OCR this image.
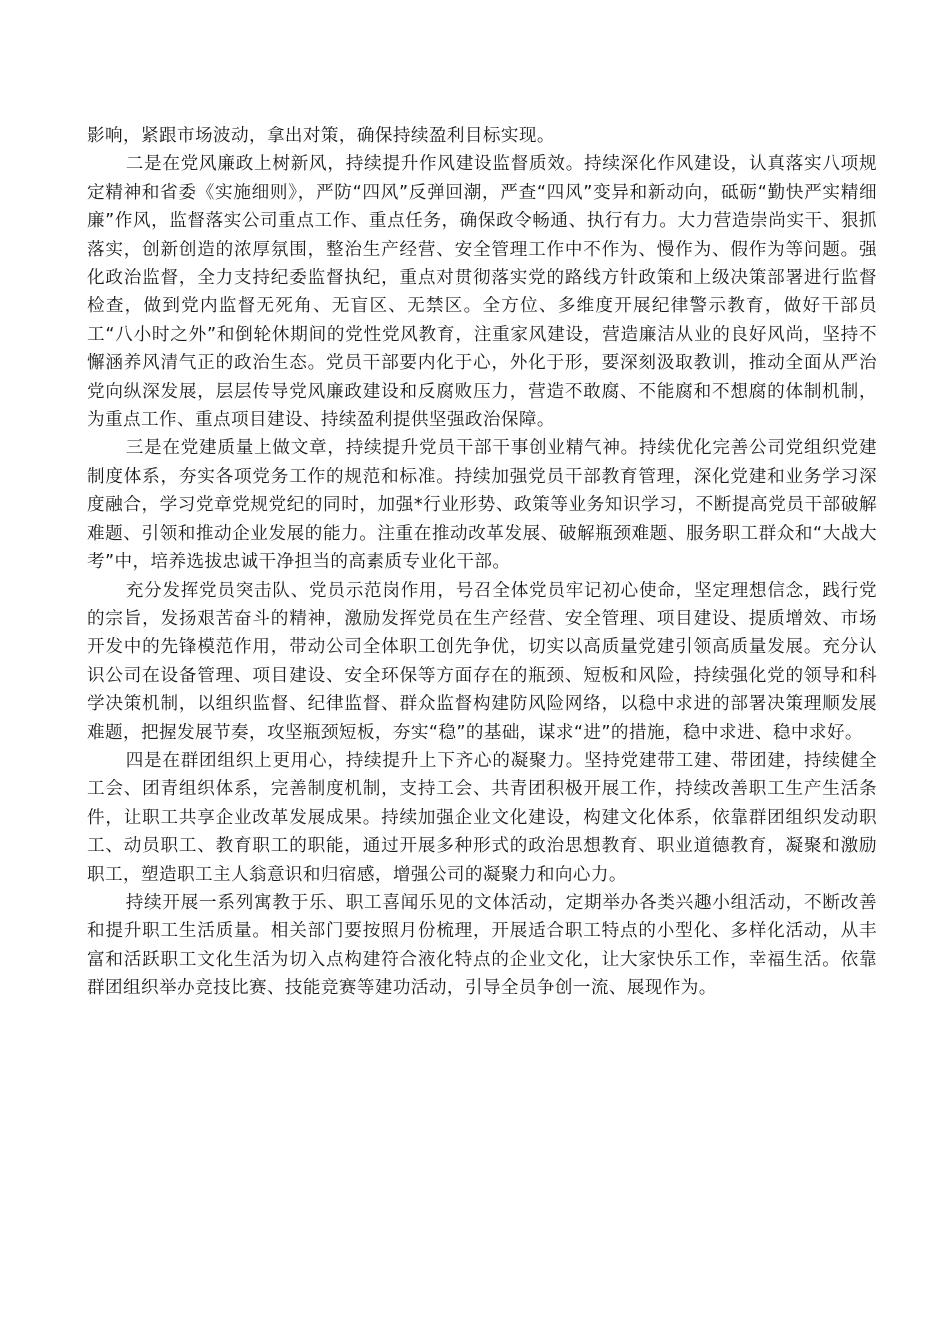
影响，紧跟市场波动，拿出对策，确保持续盈利目标实现。

二是在党风廉政上树新风，持续提升作风建设监督质效。持续深化作风建设，认真落实八项规定精神和省委《实施细则》，严防“四风”反弹回潮，严查“四风”变异和新动向，砥砺“勤快严实精细廉”作风，监督落实公司重点工作、重点任务，确保政令畅通、执行有力。大力营造崇尚实干、狠抓落实，创新创造的浓厚氛围，整治生产经营、安全管理工作中不作为、慢作为、假作为等问题。强化政治监督，全力支持纪委监督执纪，重点对贯彻落实党的路线方针政策和上级决策部署进行监督检查，做到党内监督无死角、无盲区、无禁区。全方位、多维度开展纪律警示教育，做好干部员工“八小时之外”和倒轮休期间的党性党风教育，注重家风建设，营造廉洁从业的良好风尚，坚持不懈涵养风清气正的政治生态。党员干部要内化于心，外化于形，要深刻汲取教训，推动全面从严治党向纵深发展，层层传导党风廉政建设和反腐败压力，营造不敢腐、不能腐和不想腐的体制机制，为重点工作、重点项目建设、持续盈利提供坚强政治保障。

三是在党建质量上做文章，持续提升党员干部干事创业精气神。持续优化完善公司党组织党建制度体系，夯实各项党务工作的规范和标准。持续加强党员干部教育管理，深化党建和业务学习深度融合，学习党章党规党纪的同时，加强*行业形势、政策等业务知识学习，不断提高党员干部破解难题、引领和推动企业发展的能力。注重在推动改革发展、破解瓶颈难题、服务职工群众和“大战大考”中，培养选拔忠诚干净担当的高素质专业化干部。

充分发挥党员突击队、党员示范岗作用，号召全体党员牢记初心使命，坚定理想信念，践行党的宗旨，发扬艰苦奋斗的精神，激励发挥党员在生产经营、安全管理、项目建设、提质增效、市场开发中的先锋模范作用，带动公司全体职工创先争优，切实以高质量党建引领高质量发展。充分认识公司在设备管理、项目建设、安全环保等方面存在的瓶颈、短板和风险，持续强化党的领导和科学决策机制，以组织监督、纪律监督、群众监督构建防风险网络，以稳中求进的部署决策理顺发展难题，把握发展节奏，攻坚瓶颈短板，夯实“稳”的基础，谋求“进”的措施，稳中求进、稳中求好。

四是在群团组织上更用心，持续提升上下齐心的凝聚力。坚持党建带工建、带团建，持续健全工会、团青组织体系，完善制度机制，支持工会、共青团积极开展工作，持续改善职工生产生活条件，让职工共享企业改革发展成果。持续加强企业文化建设，构建文化体系，依靠群团组织发动职工、动员职工、教育职工的职能，通过开展多种形式的政治思想教育、职业道德教育，凝聚和激励职工，塑造职工主人翁意识和归宿感，增强公司的凝聚力和向心力。

持续开展一系列寓教于乐、职工喜闻乐见的文体活动，定期举办各类兴趣小组活动，不断改善和提升职工生活质量。相关部门要按照月份梳理，开展适合职工特点的小型化、多样化活动，从丰富和活跃职工文化生活为切入点构建符合液化特点的企业文化，让大家快乐工作，幸福生活。依靠群团组织举办竞技比赛、技能竞赛等建功活动，引导全员争创一流、展现作为。
